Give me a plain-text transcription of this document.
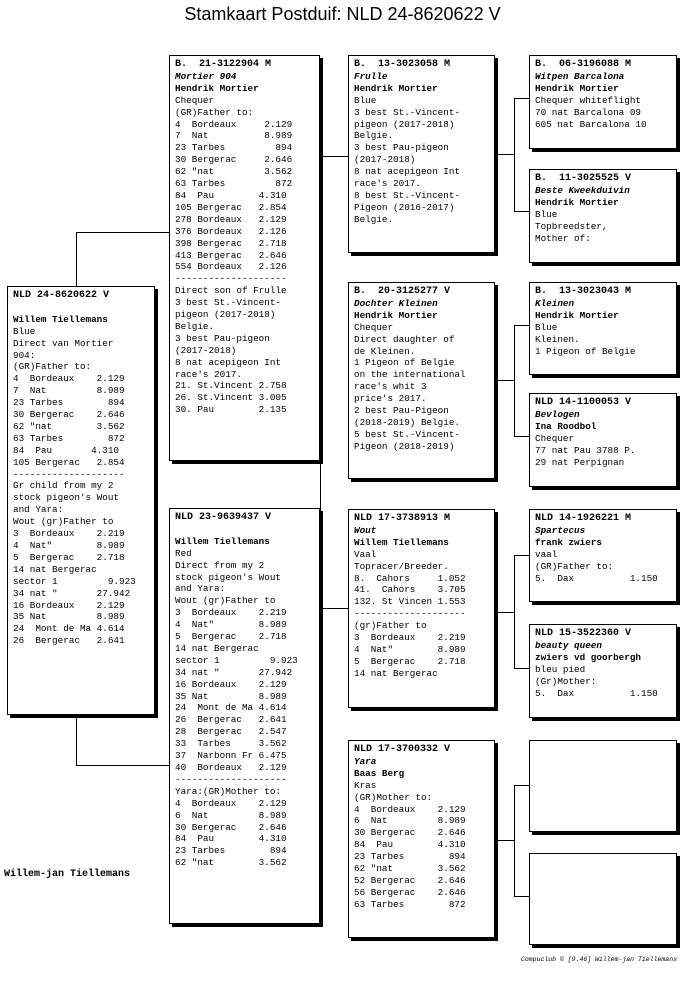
Stamkaart Postduif: NLD 24-8620622 V
NLD 24-8620622 V
Willem Tiellemans
Blue
Direct van Mortier
904:
(GR)Father to:
4  Bordeaux    2.129
7  Nat         8.989
23 Tarbes        894
30 Bergerac    2.646
62 "nat        3.562
63 Tarbes        872
84  Pau       4.310
105 Bergerac   2.854
--------------------
Gr child from my 2
stock pigeon's Wout
and Yara:
Wout (gr)Father to
3  Bordeaux    2.219
4  Nat"        8.989
5  Bergerac    2.718
14 nat Bergerac
sector 1         9.923
34 nat "       27.942
16 Bordeaux    2.129
35 Nat         8.989
24  Mont de Ma 4.614
26  Bergerac   2.641
B.  21-3122904 M
Mortier 904
Hendrik Mortier
Chequer
(GR)Father to:
4  Bordeaux     2.129
7  Nat          8.989
23 Tarbes         894
30 Bergerac     2.646
62 "nat         3.562
63 Tarbes         872
84  Pau        4.310
105 Bergerac   2.854
278 Bordeaux   2.129
376 Bordeaux   2.126
398 Bergerac   2.718
413 Bergerac   2.646
554 Bordeaux   2.126
--------------------
Direct son of Frulle
3 best St.-Vincent-
pigeon (2017-2018)
Belgie.
3 best Pau-pigeon
(2017-2018)
8 nat acepigeon Int
race's 2017.
21. St.Vincent 2.758
26. St.Vincent 3.005
30. Pau        2.135
NLD 23-9639437 V
Willem Tiellemans
Red
Direct from my 2
stock pigeon's Wout
and Yara:
Wout (gr)Father to
3  Bordeaux    2.219
4  Nat"        8.989
5  Bergerac    2.718
14 nat Bergerac
sector 1         9.923
34 nat "       27.942
16 Bordeaux    2.129
35 Nat         8.989
24  Mont de Ma 4.614
26  Bergerac   2.641
28  Bergerac   2.547
33  Tarbes     3.562
37  Narbonn Fr 6.475
40  Bordeaux   2.129
--------------------
Yara:(GR)Mother to:
4  Bordeaux    2.129
6  Nat         8.989
30 Bergerac    2.646
84  Pau        4.310
23 Tarbes        894
62 "nat        3.562
B.  13-3023058 M
Frulle
Hendrik Mortier
Blue
3 best St.-Vincent-
pigeon (2017-2018)
Belgie.
3 best Pau-pigeon
(2017-2018)
8 nat acepigeon Int
race's 2017.
8 best St.-Vincent-
Pigeon (2016-2017)
Belgie.
B.  20-3125277 V
Dochter Kleinen
Hendrik Mortier
Chequer
Direct daughter of
de Kleinen.
1 Pigeon of Belgie
on the international
race's whit 3
price's 2017.
2 best Pau-Pigeon
(2018-2019) Belgie.
5 best St.-Vincent-
Pigeon (2018-2019)
NLD 17-3738913 M
Wout
Willem Tiellemans
Vaal
Topracer/Breeder.
8.  Cahors     1.052
41.  Cahors    3.705
132. St Vincen 1.553
--------------------
(gr)Father to
3  Bordeaux    2.219
4  Nat"        8.989
5  Bergerac    2.718
14 nat Bergerac
NLD 17-3700332 V
Yara
Baas Berg
Kras
(GR)Mother to:
4  Bordeaux    2.129
6  Nat         8.989
30 Bergerac    2.646
84  Pau        4.310
23 Tarbes        894
62 "nat        3.562
52 Bergerac    2.646
56 Bergerac    2.646
63 Tarbes        872
B.  06-3196088 M
Witpen Barcalona
Hendrik Mortier
Chequer whiteflight
70 nat Barcalona 09
605 nat Barcalona 10
B.  11-3025525 V
Beste Kweekduivin
Hendrik Mortier
Blue
Topbreedster,
Mother of:
B.  13-3023043 M
Kleinen
Hendrik Mortier
Blue
Kleinen.
1 Pigeon of Belgie
NLD 14-1100053 V
Bevlogen
Ina Roodbol
Chequer
77 nat Pau 3788 P.
29 nat Perpignan
NLD 14-1926221 M
Spartecus
frank zwiers
vaal
(GR)Father to:
5.  Dax          1.150
NLD 15-3522360 V
beauty queen
zwiers vd goorbergh
bleu pied
(Gr)Mother:
5.  Dax          1.150
Willem-jan Tiellemans
Compuclub © [9.46] Willem-jan Tiellemans
